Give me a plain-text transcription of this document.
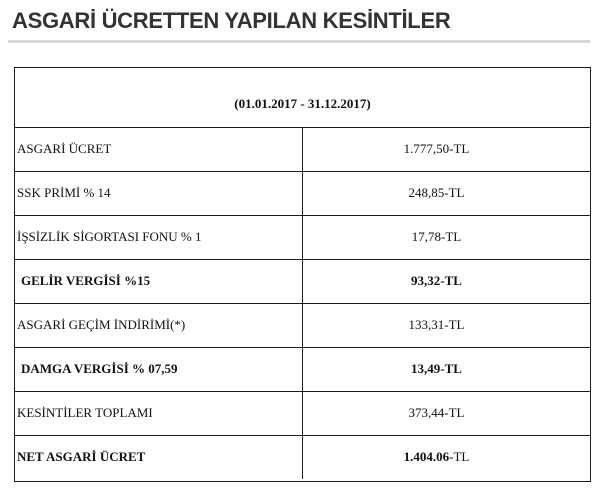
ASGARİ ÜCRETTEN YAPILAN KESİNTİLER
(01.01.2017 - 31.12.2017)	
ASGARİ ÜCRET	1.777,50-TL
SSK PRİMİ % 14	248,85-TL
İŞSİZLİK SİGORTASI FONU % 1	17,78-TL
GELİR VERGİSİ %15	93,32-TL
ASGARİ GEÇİM İNDİRİMİ(*)	133,31-TL
DAMGA VERGİSİ % 07,59	13,49-TL
KESİNTİLER TOPLAMI	373,44-TL
NET ASGARİ ÜCRET	1.404.06-TL
